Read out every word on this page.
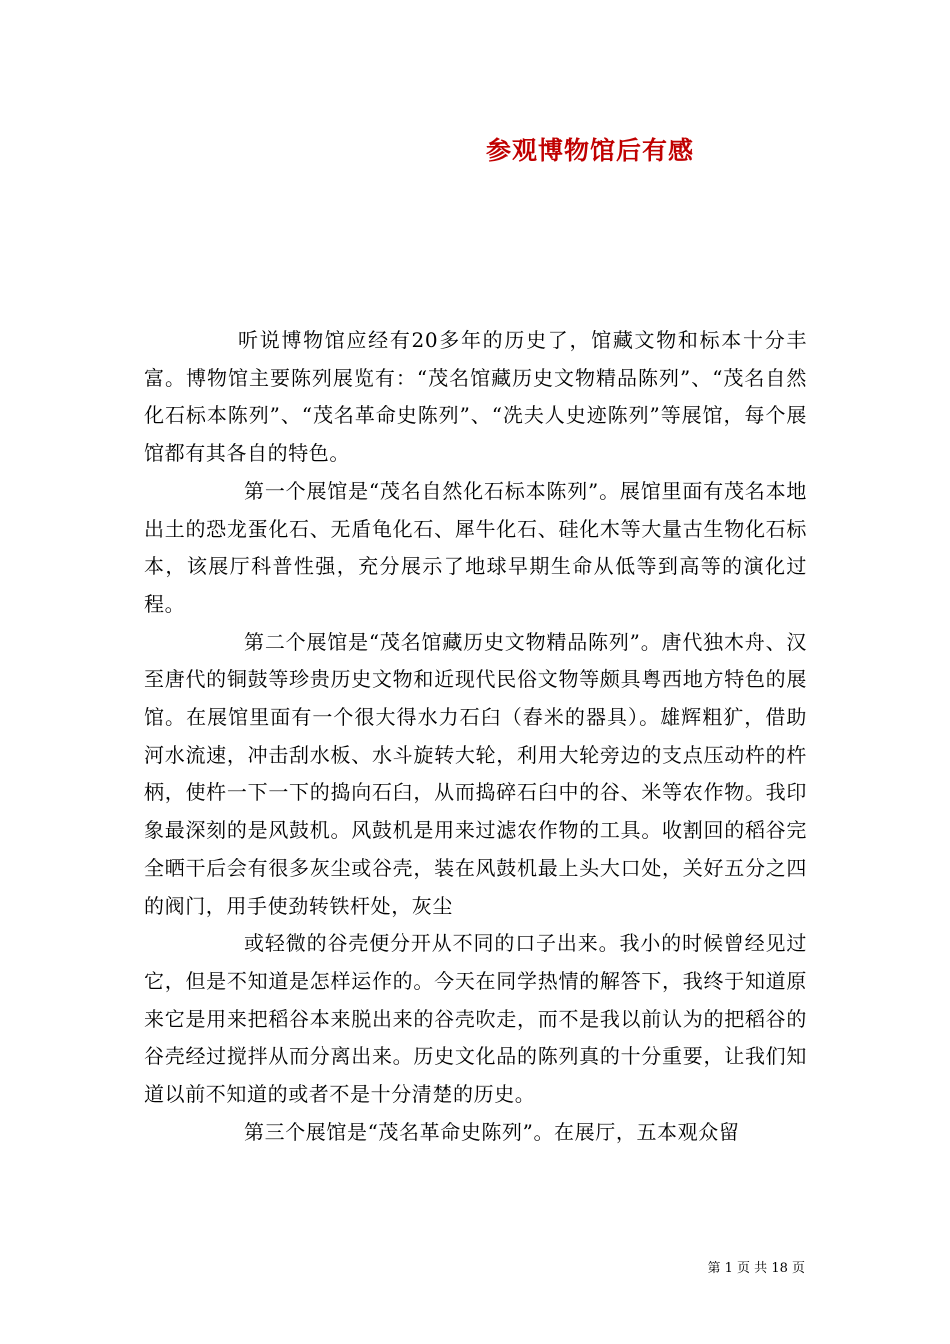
参观博物馆后有感

听说博物馆应经有20多年的历史了，馆藏文物和标本十分丰富。博物馆主要陈列展览有：“茂名馆藏历史文物精品陈列”、“茂名自然化石标本陈列”、“茂名革命史陈列”、“冼夫人史迹陈列”等展馆，每个展馆都有其各自的特色。

第一个展馆是“茂名自然化石标本陈列”。展馆里面有茂名本地出土的恐龙蛋化石、无盾龟化石、犀牛化石、硅化木等大量古生物化石标本，该展厅科普性强，充分展示了地球早期生命从低等到高等的演化过程。

第二个展馆是“茂名馆藏历史文物精品陈列”。唐代独木舟、汉至唐代的铜鼓等珍贵历史文物和近现代民俗文物等颇具粤西地方特色的展馆。在展馆里面有一个很大得水力石臼（舂米的器具）。雄辉粗犷，借助河水流速，冲击刮水板、水斗旋转大轮，利用大轮旁边的支点压动杵的杵柄，使杵一下一下的捣向石臼，从而捣碎石臼中的谷、米等农作物。我印象最深刻的是风鼓机。风鼓机是用来过滤农作物的工具。收割回的稻谷完全晒干后会有很多灰尘或谷壳，装在风鼓机最上头大口处，关好五分之四的阀门，用手使劲转铁杆处，灰尘

或轻微的谷壳便分开从不同的口子出来。我小的时候曾经见过它，但是不知道是怎样运作的。今天在同学热情的解答下，我终于知道原来它是用来把稻谷本来脱出来的谷壳吹走，而不是我以前认为的把稻谷的谷壳经过搅拌从而分离出来。历史文化品的陈列真的十分重要，让我们知道以前不知道的或者不是十分清楚的历史。

第三个展馆是“茂名革命史陈列”。在展厅，五本观众留

第 1 页 共 18 页
